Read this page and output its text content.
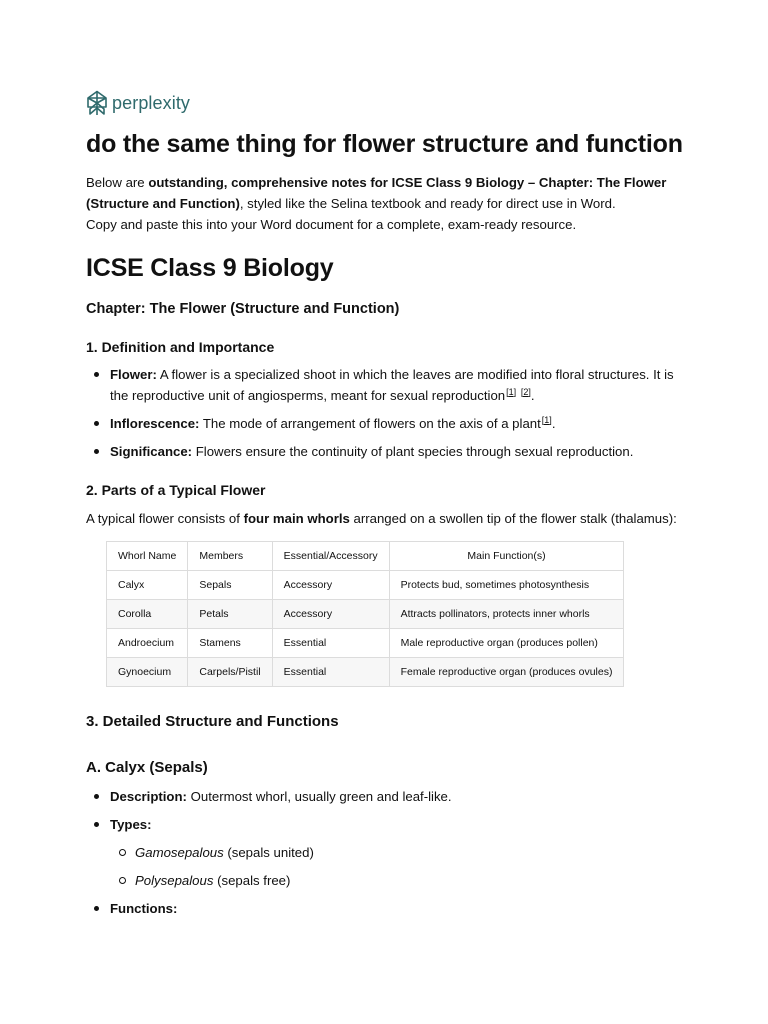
perplexity
do the same thing for flower structure and function

Below are outstanding, comprehensive notes for ICSE Class 9 Biology – Chapter: The Flower (Structure and Function), styled like the Selina textbook and ready for direct use in Word.
Copy and paste this into your Word document for a complete, exam-ready resource.

ICSE Class 9 Biology
Chapter: The Flower (Structure and Function)
1. Definition and Importance
Flower: A flower is a specialized shoot in which the leaves are modified into floral structures. It is the reproductive unit of angiosperms, meant for sexual reproduction[1] [2].
Inflorescence: The mode of arrangement of flowers on the axis of a plant[1].
Significance: Flowers ensure the continuity of plant species through sexual reproduction.
2. Parts of a Typical Flower

A typical flower consists of four main whorls arranged on a swollen tip of the flower stalk (thalamus):

Whorl Name	Members	Essential/Accessory	Main Function(s)
Calyx	Sepals	Accessory	Protects bud, sometimes photosynthesis
Corolla	Petals	Accessory	Attracts pollinators, protects inner whorls
Androecium	Stamens	Essential	Male reproductive organ (produces pollen)
Gynoecium	Carpels/Pistil	Essential	Female reproductive organ (produces ovules)
3. Detailed Structure and Functions
A. Calyx (Sepals)
Description: Outermost whorl, usually green and leaf-like.
Types:
Gamosepalous (sepals united)
Polysepalous (sepals free)
Functions:
